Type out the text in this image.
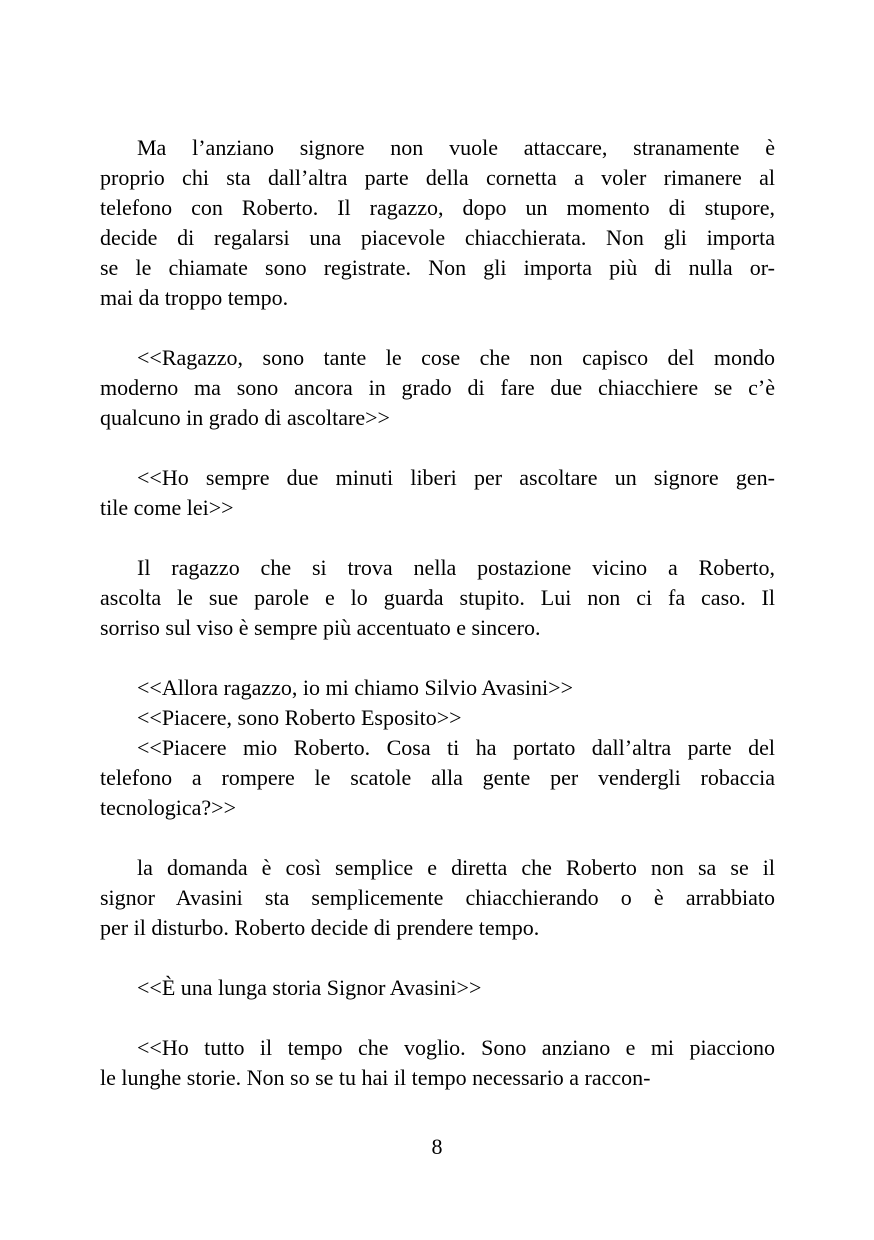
Ma l’anziano signore non vuole attaccare, stranamente è
proprio chi sta dall’altra parte della cornetta a voler rimanere al
telefono con Roberto. Il ragazzo, dopo un momento di stupore,
decide di regalarsi una piacevole chiacchierata. Non gli importa
se le chiamate sono registrate. Non gli importa più di nulla or-
mai da troppo tempo.
<<Ragazzo, sono tante le cose che non capisco del mondo
moderno ma sono ancora in grado di fare due chiacchiere se c’è
qualcuno in grado di ascoltare>>
<<Ho sempre due minuti liberi per ascoltare un signore gen-
tile come lei>>
Il ragazzo che si trova nella postazione vicino a Roberto,
ascolta le sue parole e lo guarda stupito. Lui non ci fa caso. Il
sorriso sul viso è sempre più accentuato e sincero.
<<Allora ragazzo, io mi chiamo Silvio Avasini>>
<<Piacere, sono Roberto Esposito>>
<<Piacere mio Roberto. Cosa ti ha portato dall’altra parte del
telefono a rompere le scatole alla gente per vendergli robaccia
tecnologica?>>
la domanda è così semplice e diretta che Roberto non sa se il
signor Avasini sta semplicemente chiacchierando o è arrabbiato
per il disturbo. Roberto decide di prendere tempo.
<<È una lunga storia Signor Avasini>>
<<Ho tutto il tempo che voglio. Sono anziano e mi piacciono
le lunghe storie. Non so se tu hai il tempo necessario a raccon-
8
